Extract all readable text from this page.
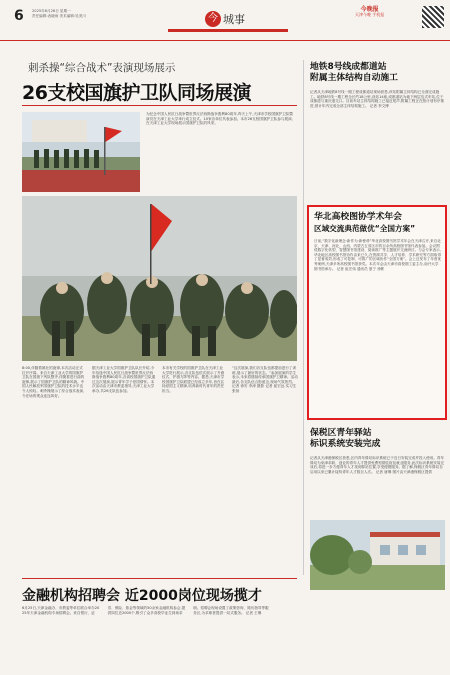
6 2025年6月26日 星期一
责任编辑:表晓雨 美术编辑:吴美川	今 城事
今晚报
天津今晚 手机报
刺杀操“综合战术”表演现场展示
26支校国旗护卫队同场展演
为纪念中国人民抗日战争暨世界反法西斯战争胜利80周年,昨天上午,天津市学校国旗护卫队暨演员在天津工业大学举行成立仪式。10家各单位代表参加。本市26支校国旗护卫队参与展演,在天津工业大学现场展示国旗护卫队的风采。
8:00,伴随着雄壮的旋律,本次活动正式拉开序幕。来自天津工业大学的国旗护卫队在国旗下列队整齐,伴随着进行曲的旋律,展示了国旗护卫队的精神风貌。中国人民解放军国旗护卫队的技术水平也令人惊叹。刺杀操展示了综合战术表演,令在场的观众连连叫好。
据天津工业大学国旗护卫队队长介绍,今年恰逢中国人民抗日战争暨世界反法西斯战争胜利80周年,各高校国旗护卫队通过这次展演,展示青年学子爱国情怀。本次活动由天津市教委指导,天津工业大学承办,共26支队伍参加。
本市有关学校的国旗护卫队在天津工业大学进行展示,各支队伍依次展示了升旗仪式、护旗方阵等内容。据悉,天津市学校国旗护卫队联盟已经成立多年,旨在弘扬爱国主义精神,培养新时代青年的责任担当。
“这次展演,我们各支队伍都提前进行了训练,展示了最好的状态。”参加展演的学生表示,未来将继续传承国旗护卫精神。活动最后,各支队伍合影留念,现场气氛热烈。 记者 徐安 李涛 摄影 记者 崔宏远 实习生 张扬
地铁8号线成都道站
附属主体结构自动施工
记者从天津地铁8号线一期工程成都道站现场获悉,该站附属主体结构已全面完成施工。地铁8号线一期工程全长约18公里,设站14座,成都道站为地下两层岛式车站,位于成都道与重庆道交口。目前车站主体结构施工已接近尾声,附属工程正在按计划有序推进,预计年内完成全部主体结构施工。 记者 李文博
华北高校图协学术年会
区域交流典范做优“全国方案”
日前,“数字化新理念·新作为·新使命”华北高校图书馆学术年会在天津召开,来自北京、天津、河北、山西、内蒙古五省区市的百余所高校图书馆代表参加。会议围绕数字化转型、智慧图书馆建设、阅读推广等主题展开交流研讨。与会专家表示,华北地区高校图书馆协作由来已久,在资源共享、人才培养、学术研究等方面取得了显著成效,形成了可复制、可推广的区域协作“全国方案”。会上还发布了年度优秀案例,天津多所高校图书馆获奖。本次年会由天津市高校图工委主办,南开大学图书馆承办。 记者 崔宏伟 通讯员 夏宁 徐彬
保税区青年驿站
标识系统安装完成
记者从天津港保税区获悉,区内青年驿站标识系统已于近日安装完成并投入使用。青年驿站为来津求职、创业的青年人才提供免费短期住宿及就业服务,此次标识系统安装完成后,将进一步方便青年人才找到驿站位置,享受便捷服务。据了解,保税区青年驿站自启用以来已累计接待青年人才数百人次。 记者 唐琳 图片由天津港保税区提供
金融机构招聘会 近2000岗位现场揽才
6月25日,天津金融办、市教委等单位联合举办2025年天津金融机构专场招聘会。来自银行、证券、保险、基金等领域的50余家金融机构参会,提供岗位近2000个,吸引了众多高校毕业生到场求职。招聘会现场设置了政策咨询、简历指导等服务区,为求职者提供一站式服务。 记者 王琳
